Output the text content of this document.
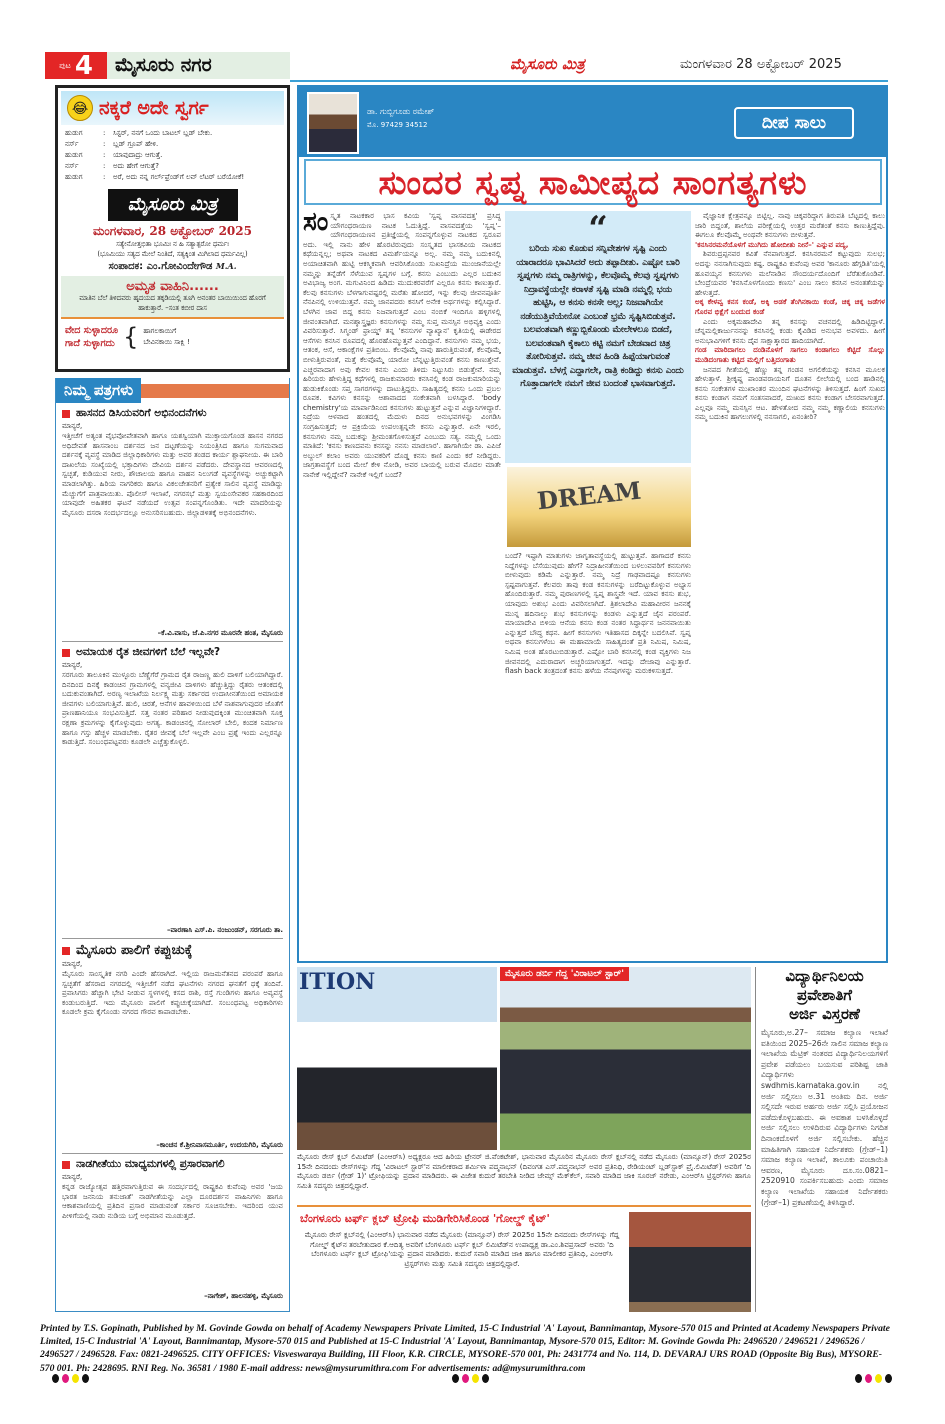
ಪುಟ 4	ಮೈಸೂರು ನಗರ	ಮೈಸೂರು ಮಿತ್ರ	ಮಂಗಳವಾರ 28 ಅಕ್ಟೋಬರ್ 2025
😂 ನಕ್ಕರೆ ಅದೇ ಸ್ವರ್ಗ
ಹುಡುಗ	:	ಸಿಸ್ಟರ್, ನನಗೆ ಒಂದು ಬಾಟಲ್ ಬ್ಲಡ್ ಬೇಕು.
ನರ್ಸ್	:	ಬ್ಲಡ್ ಗ್ರೂಪ್ ಹೇಳಿ.
ಹುಡುಗ	:	ಯಾವುದಾದ್ರು ಆಗುತ್ತೆ.
ನರ್ಸ್	:	ಅದು ಹೇಗೆ ಆಗುತ್ತೆ?
ಹುಡುಗ	:	ಅರೆ, ಅದು ನನ್ನ ಗರ್ಲ್‌ಫ್ರೆಂಡ್‌ಗೆ ಲವ್ ಲೆಟರ್ ಬರೆಯೋಕೆ!
ಮೈಸೂರು ಮಿತ್ರ
ಮಂಗಳವಾರ, 28 ಅಕ್ಟೋಬರ್ 2025
ಸತ್ಯೇನೋತ್ತಭಿತಾ ಭೂಮಿಃ ನ ಹಿ ಸತ್ಯಾತ್ಪರೋ ಧರ್ಮಃ
(ಭೂಮಿಯು ಸತ್ಯದ ಮೇಲೆ ನಿಂತಿದೆ, ಸತ್ಯಕ್ಕಿಂತ ಮಿಗಿಲಾದ ಧರ್ಮವಿಲ್ಲ)
ಸಂಪಾದಕ: ಎಂ.ಗೋವಿಂದೇಗೌಡ M.A.
ಅಮೃತ ವಾಹಿನಿ......
ಮಾತಿನ ಬೆಲೆ ತಿಳಿದವರು ಹೃದಯದ ತಕ್ಕಡಿಯಲ್ಲಿ ತೂಗಿ ಅನಂತರ ಬಾಯಿಯಿಂದ ಹೊರಗೆ ಹಾಕುತ್ತಾರೆ. –ಸಂತ ಕಬೀರ ದಾಸ
ವೇದ ಸುಳ್ಳಾದರೂ
ಗಾದೆ ಸುಳ್ಳಾಗದು { ಹಾಗಲಕಾಯಿಗೆ
ಬೇವಿನಕಾಯಿ ಸಾಕ್ಷಿ !
ನಿಮ್ಮ ಪತ್ರಗಳು
ಹಾಸನದ ಡಿಸಿಯವರಿಗೆ ಅಭಿನಂದನೆಗಳು
ಮಾನ್ಯರೆ,
ಇತ್ತೀಚೆಗೆ ಅತ್ಯಂತ ವೈಭವೋಪೇತವಾಗಿ ಹಾಗೂ ಯಶಸ್ವಿಯಾಗಿ ಮುಕ್ತಾಯಗೊಂಡ ಹಾಸನ ನಗರದ ಅಧಿದೇವತೆ ಹಾಸನಾಂಬ ದರ್ಶನದ ಜನ ದಟ್ಟಣೆಯನ್ನು ನಿಯಂತ್ರಿಸಿದ ಹಾಗೂ ಸುಗಮವಾದ ದರ್ಶನಕ್ಕೆ ವ್ಯವಸ್ಥೆ ಮಾಡಿದ ಜಿಲ್ಲಾಧಿಕಾರಿಗಳು ಮತ್ತು ಅವರ ತಂಡದ ಕಾರ್ಯ ಶ್ಲಾಘನೀಯ. ಈ ಬಾರಿ ದಾಖಲೆಯ ಸಂಖ್ಯೆಯಲ್ಲಿ ಭಕ್ತಾದಿಗಳು ದೇವಿಯ ದರ್ಶನ ಪಡೆದರು. ದೇವಸ್ಥಾನದ ಆವರಣದಲ್ಲಿ ಸ್ವಚ್ಛತೆ, ಕುಡಿಯುವ ನೀರು, ಶೌಚಾಲಯ ಹಾಗೂ ವಾಹನ ನಿಲುಗಡೆ ವ್ಯವಸ್ಥೆಗಳನ್ನು ಅಚ್ಚುಕಟ್ಟಾಗಿ ಮಾಡಲಾಗಿತ್ತು. ಹಿರಿಯ ನಾಗರಿಕರು ಹಾಗೂ ವಿಕಲಚೇತನರಿಗೆ ಪ್ರತ್ಯೇಕ ಸಾಲಿನ ವ್ಯವಸ್ಥೆ ಮಾಡಿದ್ದು ಮೆಚ್ಚುಗೆಗೆ ಪಾತ್ರವಾಯಿತು. ಪೊಲೀಸ್ ಇಲಾಖೆ, ನಗರಸಭೆ ಮತ್ತು ಸ್ವಯಂಸೇವಕರ ಸಹಕಾರದಿಂದ ಯಾವುದೇ ಅಹಿತಕರ ಘಟನೆ ನಡೆಯದೆ ಉತ್ಸವ ಸಂಪನ್ನಗೊಂಡಿತು. ಇದೇ ಮಾದರಿಯನ್ನು ಮೈಸೂರು ದಸರಾ ಸಂದರ್ಭದಲ್ಲೂ ಅನುಸರಿಸಬಹುದು. ಜಿಲ್ಲಾಡಳಿತಕ್ಕೆ ಅಭಿನಂದನೆಗಳು.
–ಕೆ.ವಿ.ವಾಸು, ಜೆ.ಪಿ.ನಗರ ಮೂರನೇ ಹಂತ, ಮೈಸೂರು
ಅಮಾಯಕ ರೈತ ಜೀವಗಳಿಗೆ ಬೆಲೆ ಇಲ್ಲವೇ?
ಮಾನ್ಯರೆ,
ಸರಗೂರು ತಾಲೂಕಿನ ಮುಳ್ಳೂರು ಬೆಣ್ಣೆಗೆರೆ ಗ್ರಾಮದ ರೈತ ರಾಜಣ್ಣ ಹುಲಿ ದಾಳಿಗೆ ಬಲಿಯಾಗಿದ್ದಾರೆ. ದಿನದಿಂದ ದಿನಕ್ಕೆ ಕಾಡಂಚಿನ ಗ್ರಾಮಗಳಲ್ಲಿ ವನ್ಯಜೀವಿ ದಾಳಿಗಳು ಹೆಚ್ಚುತ್ತಿದ್ದು ರೈತರು ಆತಂಕದಲ್ಲಿ ಬದುಕುವಂತಾಗಿದೆ. ಅರಣ್ಯ ಇಲಾಖೆಯ ನಿರ್ಲಕ್ಷ್ಯ ಮತ್ತು ಸರ್ಕಾರದ ಉದಾಸೀನತೆಯಿಂದ ಅಮಾಯಕ ಜೀವಗಳು ಬಲಿಯಾಗುತ್ತಿವೆ. ಹುಲಿ, ಚಿರತೆ, ಆನೆಗಳ ಹಾವಳಿಯಿಂದ ಬೆಳೆ ನಾಶವಾಗುವುದರ ಜೊತೆಗೆ ಪ್ರಾಣಹಾನಿಯೂ ಸಂಭವಿಸುತ್ತಿದೆ. ಸತ್ತ ನಂತರ ಪರಿಹಾರ ನೀಡುವುದಕ್ಕಿಂತ ಮುಂಚಿತವಾಗಿ ಸೂಕ್ತ ರಕ್ಷಣಾ ಕ್ರಮಗಳನ್ನು ಕೈಗೊಳ್ಳುವುದು ಅಗತ್ಯ. ಕಾಡಂಚಿನಲ್ಲಿ ಸೋಲಾರ್ ಬೇಲಿ, ಕಂದಕ ನಿರ್ಮಾಣ ಹಾಗೂ ಗಸ್ತು ಹೆಚ್ಚಳ ಮಾಡಬೇಕು. ರೈತರ ಜೀವಕ್ಕೆ ಬೆಲೆ ಇಲ್ಲವೇ ಎಂಬ ಪ್ರಶ್ನೆ ಇಂದು ಎಲ್ಲರನ್ನೂ ಕಾಡುತ್ತಿದೆ. ಸಂಬಂಧಪಟ್ಟವರು ಕೂಡಲೇ ಎಚ್ಚೆತ್ತುಕೊಳ್ಳಲಿ.
–ವಾರಣಾಸಿ ಎಸ್.ಪಿ. ನಂಜುಂಡನ್, ಸರಗೂರು ತಾ.
ಮೈಸೂರು ಪಾಲಿಗೆ ಕಪ್ಪುಚುಕ್ಕೆ
ಮಾನ್ಯರೆ,
ಮೈಸೂರು ಸಾಂಸ್ಕೃತಿಕ ನಗರಿ ಎಂದೇ ಹೆಸರಾಗಿದೆ. ಇಲ್ಲಿಯ ರಾಜಮನೆತನದ ಪರಂಪರೆ ಹಾಗೂ ಸ್ವಚ್ಛತೆಗೆ ಹೆಸರಾದ ನಗರದಲ್ಲಿ ಇತ್ತೀಚೆಗೆ ನಡೆದ ಘಟನೆಗಳು ನಗರದ ಘನತೆಗೆ ಧಕ್ಕೆ ತಂದಿವೆ. ಪ್ರವಾಸಿಗರು ಹೆಚ್ಚಾಗಿ ಭೇಟಿ ನೀಡುವ ಸ್ಥಳಗಳಲ್ಲಿ ಕಸದ ರಾಶಿ, ರಸ್ತೆ ಗುಂಡಿಗಳು ಹಾಗೂ ಅವ್ಯವಸ್ಥೆ ಕಂಡುಬರುತ್ತಿದೆ. ಇದು ಮೈಸೂರು ಪಾಲಿಗೆ ಕಪ್ಪುಚುಕ್ಕೆಯಾಗಿದೆ. ಸಂಬಂಧಪಟ್ಟ ಅಧಿಕಾರಿಗಳು ಕೂಡಲೇ ಕ್ರಮ ಕೈಗೊಂಡು ನಗರದ ಗೌರವ ಕಾಪಾಡಬೇಕು.
–ಕಾಂಚನ ಕೆ.ಶ್ರೀನಿವಾಸಮೂರ್ತಿ, ಉದಯಗಿರಿ, ಮೈಸೂರು
ನಾಡಗೀತೆಯು ಮಾಧ್ಯಮಗಳಲ್ಲಿ ಪ್ರಸಾರವಾಗಲಿ
ಮಾನ್ಯರೆ,
ಕನ್ನಡ ರಾಜ್ಯೋತ್ಸವ ಹತ್ತಿರವಾಗುತ್ತಿರುವ ಈ ಸಂದರ್ಭದಲ್ಲಿ ರಾಷ್ಟ್ರಕವಿ ಕುವೆಂಪು ಅವರ 'ಜಯ ಭಾರತ ಜನನಿಯ ತನುಜಾತೆ' ನಾಡಗೀತೆಯನ್ನು ಎಲ್ಲಾ ದೂರದರ್ಶನ ವಾಹಿನಿಗಳು ಹಾಗೂ ಆಕಾಶವಾಣಿಯಲ್ಲಿ ಪ್ರತಿದಿನ ಪ್ರಸಾರ ಮಾಡುವಂತೆ ಸರ್ಕಾರ ಸೂಚಿಸಬೇಕು. ಇದರಿಂದ ಯುವ ಪೀಳಿಗೆಯಲ್ಲಿ ನಾಡು ನುಡಿಯ ಬಗ್ಗೆ ಅಭಿಮಾನ ಮೂಡುತ್ತದೆ.
–ನಾಗೇಶ್, ಹಾಲನಹಳ್ಳಿ, ಮೈಸೂರು
ಡಾ. ಗುಬ್ಬಿಗೂಡು ರಮೇಶ್
ಮೊ. 97429 34512	ದೀಪ ಸಾಲು
ಸುಂದರ ಸ್ವಪ್ನ ಸಾಮೀಪ್ಯದ ಸಾಂಗತ್ಯಗಳು
ಸಂಸ್ಕೃತ ನಾಟಕಕಾರ ಭಾಸ ಕವಿಯ 'ಸ್ವಪ್ನ ವಾಸವದತ್ತ' ಪ್ರಸಿದ್ಧ ಯೌಗಂಧರಾಯಣ ನಾಟಕ ಓದುತ್ತಿದ್ದೆ. ವಾಸವದತ್ತೆಯ 'ಸ್ವಪ್ನ'– ಯೌಗಂಧರಾಯಣನ ಪ್ರತಿಜ್ಞೆಯಲ್ಲಿ ಸಂಪನ್ನಗೊಳ್ಳುವ ನಾಟಕದ ಸ್ವರೂಪ ಅದು. ಇಲ್ಲಿ ನಾನು ಹೇಳ ಹೊರಟಿರುವುದು ಸಂಸ್ಕೃತದ ಭಾಸಕವಿಯ ನಾಟಕದ ಕಥೆಯನ್ನಲ್ಲ; ಅಥವಾ ನಾಟಕದ ವಿಮರ್ಶೆಯನ್ನೂ ಅಲ್ಲ. ನಮ್ಮ ನಮ್ಮ ಬದುಕಿನಲ್ಲಿ ಅಯಾಚಿತವಾಗಿ ಹುಟ್ಟಿ ಆಕಸ್ಮಿಕವಾಗಿ ಆವರಿಸಿಕೊಂಡು ಸುಖನಿದ್ರೆಯ ಮುಂಜಾನೆಯಲ್ಲೇ ನಮ್ಮನ್ನು ತನ್ನೆಡೆಗೆ ಸೆಳೆಯುವ ಸ್ವಪ್ನಗಳ ಬಗ್ಗೆ. ಕನಸು ಎಂಬುದು ಎಲ್ಲರ ಬದುಕಿನ ಅವಿಭಾಜ್ಯ ಅಂಗ. ಮಗುವಿನಿಂದ ಹಿಡಿದು ಮುದುಕರವರೆಗೆ ಎಲ್ಲರೂ ಕನಸು ಕಾಣುತ್ತಾರೆ. ಕೆಲವು ಕನಸುಗಳು ಬೆಳಗಾಗುವಷ್ಟರಲ್ಲಿ ಮರೆತು ಹೋದರೆ, ಇನ್ನು ಕೆಲವು ಜೀವನಪೂರ್ತಿ ನೆನಪಿನಲ್ಲಿ ಉಳಿಯುತ್ತವೆ. ನಮ್ಮ ಜಾನಪದರು ಕನಸಿಗೆ ಅನೇಕ ಅರ್ಥಗಳನ್ನು ಕಲ್ಪಿಸಿದ್ದಾರೆ. ಬೆಳಗಿನ ಜಾವ ಬಿದ್ದ ಕನಸು ನಿಜವಾಗುತ್ತದೆ ಎಂಬ ನಂಬಿಕೆ ಇಂದಿಗೂ ಹಳ್ಳಿಗಳಲ್ಲಿ ಜೀವಂತವಾಗಿದೆ. ಮನಶ್ಶಾಸ್ತ್ರಜ್ಞರು ಕನಸುಗಳನ್ನು ನಮ್ಮ ಸುಪ್ತ ಮನಸ್ಸಿನ ಅಭಿವ್ಯಕ್ತಿ ಎಂದು ವಿವರಿಸುತ್ತಾರೆ. ಸಿಗ್ಮಂಡ್ ಫ್ರಾಯ್ಡ್ ತನ್ನ 'ಕನಸುಗಳ ವ್ಯಾಖ್ಯಾನ' ಕೃತಿಯಲ್ಲಿ ಈಡೇರದ ಆಸೆಗಳು ಕನಸಿನ ರೂಪದಲ್ಲಿ ಹೊರಹೊಮ್ಮುತ್ತವೆ ಎಂದಿದ್ದಾನೆ. ಕನಸುಗಳು ನಮ್ಮ ಭಯ, ಆತಂಕ, ಆಸೆ, ಆಕಾಂಕ್ಷೆಗಳ ಪ್ರತಿಬಿಂಬ. ಕೆಲವೊಮ್ಮೆ ನಾವು ಹಾರುತ್ತಿರುವಂತೆ, ಕೆಲವೊಮ್ಮೆ ಬೀಳುತ್ತಿರುವಂತೆ, ಮತ್ತೆ ಕೆಲವೊಮ್ಮೆ ಯಾರೋ ಬೆನ್ನಟ್ಟುತ್ತಿರುವಂತೆ ಕನಸು ಕಾಣುತ್ತೇವೆ. ಎಚ್ಚರವಾದಾಗ ಅವು ಕೇವಲ ಕನಸು ಎಂದು ತಿಳಿದು ನಿಟ್ಟುಸಿರು ಬಿಡುತ್ತೇವೆ. ನಮ್ಮ ಹಿರಿಯರು ಹೇಳುತ್ತಿದ್ದ ಕಥೆಗಳಲ್ಲಿ ರಾಜಕುಮಾರರು ಕನಸಿನಲ್ಲಿ ಕಂಡ ರಾಜಕುಮಾರಿಯನ್ನು ಹುಡುಕಿಕೊಂಡು ಸಪ್ತ ಸಾಗರಗಳನ್ನು ದಾಟುತ್ತಿದ್ದರು. ಸಾಹಿತ್ಯದಲ್ಲಿ ಕನಸು ಒಂದು ಪ್ರಬಲ ರೂಪಕ. ಕವಿಗಳು ಕನಸನ್ನು ಆಶಾವಾದದ ಸಂಕೇತವಾಗಿ ಬಳಸಿದ್ದಾರೆ. 'body chemistry'ಯ ಮಾರ್ಪಾಡಿನಿಂದ ಕನಸುಗಳು ಹುಟ್ಟುತ್ತವೆ ಎನ್ನುವ ವಿಜ್ಞಾನಿಗಳಿದ್ದಾರೆ. ನಿದ್ರೆಯ ಆಳವಾದ ಹಂತದಲ್ಲಿ ಮೆದುಳು ದಿನದ ಅನುಭವಗಳನ್ನು ವಿಂಗಡಿಸಿ ಸಂಗ್ರಹಿಸುತ್ತದೆ; ಆ ಪ್ರಕ್ರಿಯೆಯ ಉಪಉತ್ಪನ್ನವೇ ಕನಸು ಎನ್ನುತ್ತಾರೆ. ಏನೇ ಇರಲಿ, ಕನಸುಗಳು ನಮ್ಮ ಬದುಕನ್ನು ಶ್ರೀಮಂತಗೊಳಿಸುತ್ತವೆ ಎಂಬುದು ಸತ್ಯ. ನಮ್ಮಲ್ಲಿ ಒಂದು ಮಾತಿದೆ: 'ಕನಸು ಕಾಣದವನು ಕನಸನ್ನು ನನಸು ಮಾಡಲಾರ'. ಹಾಗಾಗಿಯೇ ಡಾ. ಎಪಿಜೆ ಅಬ್ದುಲ್ ಕಲಾಂ ಅವರು ಯುವಕರಿಗೆ ದೊಡ್ಡ ಕನಸು ಕಾಣಿ ಎಂದು ಕರೆ ನೀಡಿದ್ದರು. ಜಾಗ್ರತಾವಸ್ಥೆಗೆ ಬಂದ ಮೇಲೆ ಕೇಳಿ ನೋಡಿ, ಅವರ ಬಾಯಲ್ಲಿ ಬರುವ ಮೊದಲ ಮಾತೇ ನಾನೇಕೆ ಇಲ್ಲಿದ್ದೇನೆ? ನಾನೇಕೆ ಇಲ್ಲಿಗೆ ಬಂದೆ?
“
ಬರಿಯ ಸುಖ ಕೊಡುವ ಸನ್ನಿವೇಶಗಳ ಸೃಷ್ಟಿ ಎಂದು ಯಾರಾದರೂ ಭಾವಿಸಿದರೆ ಅದು ತಪ್ಪಾದೀತು. ಎಷ್ಟೋ ಬಾರಿ ಸ್ವಪ್ನಗಳು ನಮ್ಮ ರಾತ್ರಿಗಳನ್ನು, ಕೆಲವೊಮ್ಮೆ ಕೆಲವು ಸ್ವಪ್ನಗಳು ನಿದ್ರಾವಸ್ಥೆಯಲ್ಲೇ ಕರಾಳತೆ ಸೃಷ್ಟಿ ಮಾಡಿ ನಮ್ಮಲ್ಲಿ ಭಯ ಹುಟ್ಟಿಸಿ, ಆ ಕನಸು ಕನಸೇ ಅಲ್ಲ; ನಿಜವಾಗಿಯೇ ನಡೆಯುತ್ತಿವೆಯೇನೋ ಎಂಬಂತೆ ಭ್ರಮೆ ಸೃಷ್ಟಿಸಿಬಿಡುತ್ತವೆ. ಬಲವಂತವಾಗಿ ಕಣ್ಣುಬ್ಬಿಕೊಂಡು ಮೇಲೇಳಲೂ ಬಿಡದೆ, ಬಲವಂತವಾಗಿ ಕೈಕಾಲು ಕಟ್ಟಿ ನಮಗೆ ಬೇಡವಾದ ಚಿತ್ರ ತೋರಿಸುತ್ತವೆ. ನಮ್ಮ ಜೀವ ಹಿಂಡಿ ಹಿಪ್ಪೆಯಾಗುವಂತೆ ಮಾಡುತ್ತವೆ. ಬೆಳಗ್ಗೆ ಎದ್ದಾಗಲೇ, ರಾತ್ರಿ ಕಂಡಿದ್ದು ಕನಸು ಎಂದು ಗೊತ್ತಾದಾಗಲೇ ನಮಗೆ ಜೀವ ಬಂದಂತೆ ಭಾಸವಾಗುತ್ತದೆ.
DREAM
ಬಂದೆ? ಇಷ್ಟಾಗಿ ಮಾತುಗಳು ಜಾಗೃತಾವಸ್ಥೆಯಲ್ಲಿ ಹುಟ್ಟುತ್ತವೆ. ಹಾಗಾದರೆ ಕನಸು ನಿದ್ದೆಗಳನ್ನು ಬೆಸೆಯುವುದು ಹೇಗೆ? ನಿದ್ರಾಹೀನತೆಯಿಂದ ಬಳಲುವವರಿಗೆ ಕನಸುಗಳು ಬೀಳುವುದು ಕಡಿಮೆ ಎನ್ನುತ್ತಾರೆ. ನಮ್ಮ ನಿದ್ರೆ ಗಾಢವಾದಷ್ಟೂ ಕನಸುಗಳು ಸ್ಪಷ್ಟವಾಗುತ್ತವೆ. ಕೆಲವರು ತಾವು ಕಂಡ ಕನಸುಗಳನ್ನು ಬರೆದಿಟ್ಟುಕೊಳ್ಳುವ ಅಭ್ಯಾಸ ಹೊಂದಿರುತ್ತಾರೆ. ನಮ್ಮ ಪುರಾಣಗಳಲ್ಲಿ ಸ್ವಪ್ನ ಶಾಸ್ತ್ರವೇ ಇದೆ. ಯಾವ ಕನಸು ಶುಭ, ಯಾವುದು ಅಶುಭ ಎಂದು ವಿವರಿಸಲಾಗಿದೆ. ತ್ರಿಶಲಾದೇವಿ ಮಹಾವೀರನ ಜನನಕ್ಕೆ ಮುನ್ನ ಹದಿನಾಲ್ಕು ಶುಭ ಕನಸುಗಳನ್ನು ಕಂಡಳು ಎನ್ನುತ್ತದೆ ಜೈನ ಪರಂಪರೆ. ಮಾಯಾದೇವಿ ಬಿಳಿಯ ಆನೆಯ ಕನಸು ಕಂಡ ನಂತರ ಸಿದ್ಧಾರ್ಥನ ಜನನವಾಯಿತು ಎನ್ನುತ್ತದೆ ಬೌದ್ಧ ಕಥನ. ಹೀಗೆ ಕನಸುಗಳು ಇತಿಹಾಸದ ದಿಕ್ಕನ್ನೇ ಬದಲಿಸಿವೆ. ಸ್ವಪ್ನ ಅಥವಾ ಕನಸುಗಳೆಂಬ ಈ ಮಹಾಮಾಯೆ ಸಾಹಿತ್ಯದಂತೆ ಪ್ರತಿ ನಿಮಿಷ, ನಿಮಿಷ, ನಿಮಿಷ ಅಂತ ಹೊರಟುಬಿಡುತ್ತಾರೆ. ಎಷ್ಟೋ ಬಾರಿ ಕನಸಿನಲ್ಲಿ ಕಂಡ ವ್ಯಕ್ತಿಗಳು ನಿಜ ಜೀವನದಲ್ಲಿ ಎದುರಾದಾಗ ಅಚ್ಚರಿಯಾಗುತ್ತದೆ. ಇದನ್ನು ದೇಜಾವು ಎನ್ನುತ್ತಾರೆ. flash back ತಂತ್ರದಂತೆ ಕನಸು ಹಳೆಯ ನೆನಪುಗಳನ್ನು ಮರುಕಳಿಸುತ್ತದೆ.

ವೈಜ್ಞಾನಿಕ ಕ್ಷೇತ್ರವನ್ನೂ ಬಿಟ್ಟಿಲ್ಲ. ನಾವು ಚಿಕ್ಕವರಿದ್ದಾಗ ತಿರುಪತಿ ಬೆಟ್ಟದಲ್ಲಿ ಕಾಲು ಜಾರಿ ಬಿದ್ದಂತೆ, ಶಾಲೆಯ ಪರೀಕ್ಷೆಯಲ್ಲಿ ಉತ್ತರ ಮರೆತಂತೆ ಕನಸು ಕಾಣುತ್ತಿದ್ದೆವು. ಈಗಲೂ ಕೆಲವೊಮ್ಮೆ ಅಂಥವೇ ಕನಸುಗಳು ಬೀಳುತ್ತವೆ.

'ಕನಸಿನರಮನೆಯೊಳಗೆ ಮುಗಿದು ಹೋದೀತು ನೀನೆ–' ಎನ್ನುವ ಪದ್ಯ,

ಶಿವರುದ್ರಪ್ಪನವರ ಕವಿತೆ ನೆನಪಾಗುತ್ತದೆ. ಕನಸಿನರಮನೆ ಕಟ್ಟುವುದು ಸುಲಭ; ಅದನ್ನು ನನಸಾಗಿಸುವುದು ಕಷ್ಟ. ರಾಷ್ಟ್ರಕವಿ ಕುವೆಂಪು ಅವರ 'ಕಾನೂರು ಹೆಗ್ಗಡಿತಿ'ಯಲ್ಲಿ ಹೂವಯ್ಯನ ಕನಸುಗಳು ಮಲೆನಾಡಿನ ಸೌಂದರ್ಯದೊಂದಿಗೆ ಬೆರೆತುಕೊಂಡಿವೆ. ಬೇಂದ್ರೆಯವರ 'ಕನಸಿನೊಳಗೊಂದು ಕಣಸು' ಎಂಬ ಸಾಲು ಕನಸಿನ ಅನಂತತೆಯನ್ನು ಹೇಳುತ್ತದೆ.

ಅಕ್ಕ ಕೇಳವ್ವ ಕನಸ ಕಂಡೆ, ಅಕ್ಕಿ ಅಡಕೆ ತೆಂಗಿನಕಾಯಿ ಕಂಡೆ, ಚಿಕ್ಕ ಚಿಕ್ಕ ಜಡೆಗಳ ಗೊರವ ಭಿಕ್ಷೆಗೆ ಬಂದುದ ಕಂಡೆ

ಎಂದು ಅಕ್ಕಮಹಾದೇವಿ ತನ್ನ ಕನಸನ್ನು ವಚನದಲ್ಲಿ ಹಿಡಿದಿಟ್ಟಿದ್ದಾಳೆ. ಚೆನ್ನಮಲ್ಲಿಕಾರ್ಜುನನನ್ನು ಕನಸಿನಲ್ಲಿ ಕಂಡು ಕೈವಿಡಿದ ಅನುಭವ ಅವಳದು. ಹೀಗೆ ಅನುಭಾವಿಗಳಿಗೆ ಕನಸು ದೈವ ಸಾಕ್ಷಾತ್ಕಾರದ ಹಾದಿಯಾಗಿದೆ.

ಗಂಡ ಮಾರಿದಾಗಲು ದಂಡಿನೊಳಗೆ ಸಾಗಲು ಕಂಡಾಗಲು ಕೆಟ್ಟಿದೆ ಸೊಲ್ಲು ಮುಡಿದಂಗಾತು ಕಟ್ಟಿದ ಮಲ್ಲಿಗೆ ಬತ್ತಿದಂಗಾತು

ಜನಪದ ಗೀತೆಯಲ್ಲಿ ಹೆಣ್ಣು ತನ್ನ ಗಂಡನ ಅಗಲಿಕೆಯನ್ನು ಕನಸಿನ ಮೂಲಕ ಹೇಳುತ್ತಾಳೆ. ಶ್ರೀಕೃಷ್ಣ ಪಾಂಡವರಾಯನಿಗೆ ದೂತನ ಲೀಲೆಯಲ್ಲಿ ಬಂದ ಹಾಡಿನಲ್ಲಿ ಕನಸು ಸಂಕೇತಗಳ ಮುಖಾಂತರ ಮುಂದಿನ ಘಟನೆಗಳನ್ನು ತಿಳಿಸುತ್ತದೆ. ಹಿಂಗೆ ಸುಖದ ಕನಸು ಕಂಡಾಗ ನಮಗೆ ಸಂತಸವಾದರೆ, ದುಃಖದ ಕನಸು ಕಂಡಾಗ ಬೇಸರವಾಗುತ್ತದೆ. ಎಲ್ಲವೂ ನಮ್ಮ ಮನಸ್ಸಿನ ಆಟ. ಹೇಳತೋದ ನಮ್ಮ ನಮ್ಮ ಕಣ್ಣಾಲಿಯ ಕನಸುಗಳು ನಮ್ಮ ಬದುಕಿನ ಹಾಗಲುಗಳಲ್ಲಿ ನನಸಾಗಲಿ, ಏನಂತೀರಿ?

ITION	ಮೈಸೂರು ಡರ್ಬಿ ಗೆದ್ದ 'ವಿರಾಟಲ್ ಸ್ಟಾರ್'
ಮೈಸೂರು ರೇಸ್ ಕ್ಲಬ್ ಲಿಮಿಟೆಡ್ (ಎಂಆರ್‌ಸಿ) ಅಧ್ಯಕ್ಷರೂ ಆದ ಹಿರಿಯ ಟ್ರೇನರ್ ಜಿ.ವೆಂಕಟೇಶ್, ಭಾನುವಾರ ಮೈಸೂರಿನ ಮೈಸೂರು ರೇಸ್ ಕ್ಲಬ್‌ನಲ್ಲಿ ನಡೆದ ಮೈಸೂರು (ಮಾನ್ಸೂನ್) ರೇಸ್ 2025ರ 15ನೇ ದಿನದಂದು ರೇಸ್‌ಗಳನ್ನು ಗೆದ್ದ 'ವಿರಾಟಲ್ ಸ್ಟಾರ್'ನ ಮಾಲೀಕರಾದ ಶರ್ಮಿಳಾ ಪದ್ಮನಾಭನ್ (ದಿವಂಗತ ಎಸ್.ಪದ್ಮನಾಭನ್ ಅವರ ಪ್ರತಿನಿಧಿ, ರೇಡಿಯಂಟ್ ಬ್ಲಡ್‌ಸ್ಟಾಕ್ ಪ್ರೈ.ಲಿಮಿಟೆಡ್) ಅವರಿಗೆ 'ದಿ ಮೈಸೂರು ಡರ್ಬಿ (ಗ್ರೇಡ್ 1)' ಟ್ರೋಫಿಯನ್ನು ಪ್ರದಾನ ಮಾಡಿದರು. ಈ ವಿಜೇತ ಕುದುರೆ ತರಬೇತಿ ನೀಡಿದ ಜೇಮ್ಸ್ ಮೆಕ್‌ಕೆಲ್, ಸವಾರಿ ಮಾಡಿದ ಜಾಕಿ ಸೂರಜ್ ನರೇಡು, ಎಂಆರ್‌ಸಿ ಟ್ರಿಸ್ಟರ್‌ಗಳು ಹಾಗೂ ಸಮಿತಿ ಸದಸ್ಯರು ಚಿತ್ರದಲ್ಲಿದ್ದಾರೆ.
ಬೆಂಗಳೂರು ಟರ್ಫ್ ಕ್ಲಬ್ ಟ್ರೋಫಿ ಮುಡಿಗೇರಿಸಿಕೊಂಡ 'ಗೋಲ್ಡ್ ಕೈಟ್'
ಮೈಸೂರು ರೇಸ್ ಕ್ಲಬ್‌ನಲ್ಲಿ (ಎಂಆರ್‌ಸಿ) ಭಾನುವಾರ ನಡೆದ ಮೈಸೂರು (ಮಾನ್ಸೂನ್) ರೇಸ್ 2025ರ 15ನೇ ದಿನದಂದು ರೇಸ್‌ಗಳನ್ನು ಗೆದ್ದ ಗೋಲ್ಡ್ ಕೈಟ್‌ನ ತರಬೇತುದಾರ ಕೆ.ಆದಿತ್ಯ ಅವರಿಗೆ ಬೆಂಗಳೂರು ಟರ್ಫ್ ಕ್ಲಬ್ ಲಿಮಿಟೆಡ್‌ನ ಉಪಾಧ್ಯಕ್ಷ ಡಾ.ಎಂ.ಶಿವಪ್ರಸಾದ್ ಅವರು 'ದಿ ಬೆಂಗಳೂರು ಟರ್ಫ್ ಕ್ಲಬ್ ಟ್ರೋಫಿ'ಯನ್ನು ಪ್ರದಾನ ಮಾಡಿದರು. ಕುದುರೆ ಸವಾರಿ ಮಾಡಿದ ಜಾಕಿ ಹಾಗೂ ಮಾಲೀಕರ ಪ್ರತಿನಿಧಿ, ಎಂಆರ್‌ಸಿ ಟ್ರಿಸ್ಟರ್‌ಗಳು ಮತ್ತು ಸಮಿತಿ ಸದಸ್ಯರು ಚಿತ್ರದಲ್ಲಿದ್ದಾರೆ.
ವಿದ್ಯಾರ್ಥಿನಿಲಯ
ಪ್ರವೇಶಾತಿಗೆ
ಅರ್ಜಿ ವಿಸ್ತರಣೆ
ಮೈಸೂರು,ಅ.27– ಸಮಾಜ ಕಲ್ಯಾಣ ಇಲಾಖೆ ವತಿಯಿಂದ 2025–26ನೇ ಸಾಲಿನ ಸಮಾಜ ಕಲ್ಯಾಣ ಇಲಾಖೆಯ ಮೆಟ್ರಿಕ್ ನಂತರದ ವಿದ್ಯಾರ್ಥಿನಿಲಯಗಳಿಗೆ ಪ್ರವೇಶ ಪಡೆಯಲು ಬಯಸುವ ಪರಿಶಿಷ್ಟ ಜಾತಿ ವಿದ್ಯಾರ್ಥಿಗಳು swdhmis.karnataka.gov.in ನಲ್ಲಿ ಅರ್ಜಿ ಸಲ್ಲಿಸಲು ಅ.31 ಅಂತಿಮ ದಿನ. ಅರ್ಜಿ ಸಲ್ಲಿಸದೇ ಇರುವ ಅರ್ಹರು ಅರ್ಜಿ ಸಲ್ಲಿಸಿ ಪ್ರಯೋಜನ ಪಡೆದುಕೊಳ್ಳಬಹುದು. ಈ ಅವಕಾಶ ಬಳಸಿಕೊಳ್ಳದೆ ಅರ್ಜಿ ಸಲ್ಲಿಸಲು ಉಳಿದಿರುವ ವಿದ್ಯಾರ್ಥಿಗಳು ನಿಗದಿತ ದಿನಾಂಕದೊಳಗೆ ಅರ್ಜಿ ಸಲ್ಲಿಸಬೇಕು. ಹೆಚ್ಚಿನ ಮಾಹಿತಿಗಾಗಿ ಸಹಾಯಕ ನಿರ್ದೇಶಕರು (ಗ್ರೇಡ್–1) ಸಮಾಜ ಕಲ್ಯಾಣ ಇಲಾಖೆ, ತಾಲೂಕು ಪಂಚಾಯಿತಿ ಆವರಣ, ಮೈಸೂರು ದೂ.ಸಂ.0821–2520910 ಸಂಪರ್ಕಿಸಬಹುದು ಎಂದು ಸಮಾಜ ಕಲ್ಯಾಣ ಇಲಾಖೆಯ ಸಹಾಯಕ ನಿರ್ದೇಶಕರು (ಗ್ರೇಡ್–1) ಪ್ರಕಟಣೆಯಲ್ಲಿ ತಿಳಿಸಿದ್ದಾರೆ.
Printed by T.S. Gopinath, Published by M. Govinde Gowda on behalf of Academy Newspapers Private Limited, 15-C Industrial 'A' Layout, Bannimantap, Mysore-570 015 and Printed at Academy Newspapers Private Limited, 15-C Industrial 'A' Layout, Bannimantap, Mysore-570 015 and Published at 15-C Industrial 'A' Layout, Bannimantap, Mysore-570 015, Editor: M. Govinde Gowda Ph: 2496520 / 2496521 / 2496526 / 2496527 / 2496528. Fax: 0821-2496525. CITY OFFICES: Visveswaraya Building, III Floor, K.R. CIRCLE, MYSORE-570 001, Ph: 2431774 and No. 114, D. DEVARAJ URS ROAD (Opposite Big Bus), MYSORE-570 001. Ph: 2428695. RNI Reg. No. 36581 / 1980 E-mail address: news@mysurumithra.com For advertisements: ad@mysurumithra.com
